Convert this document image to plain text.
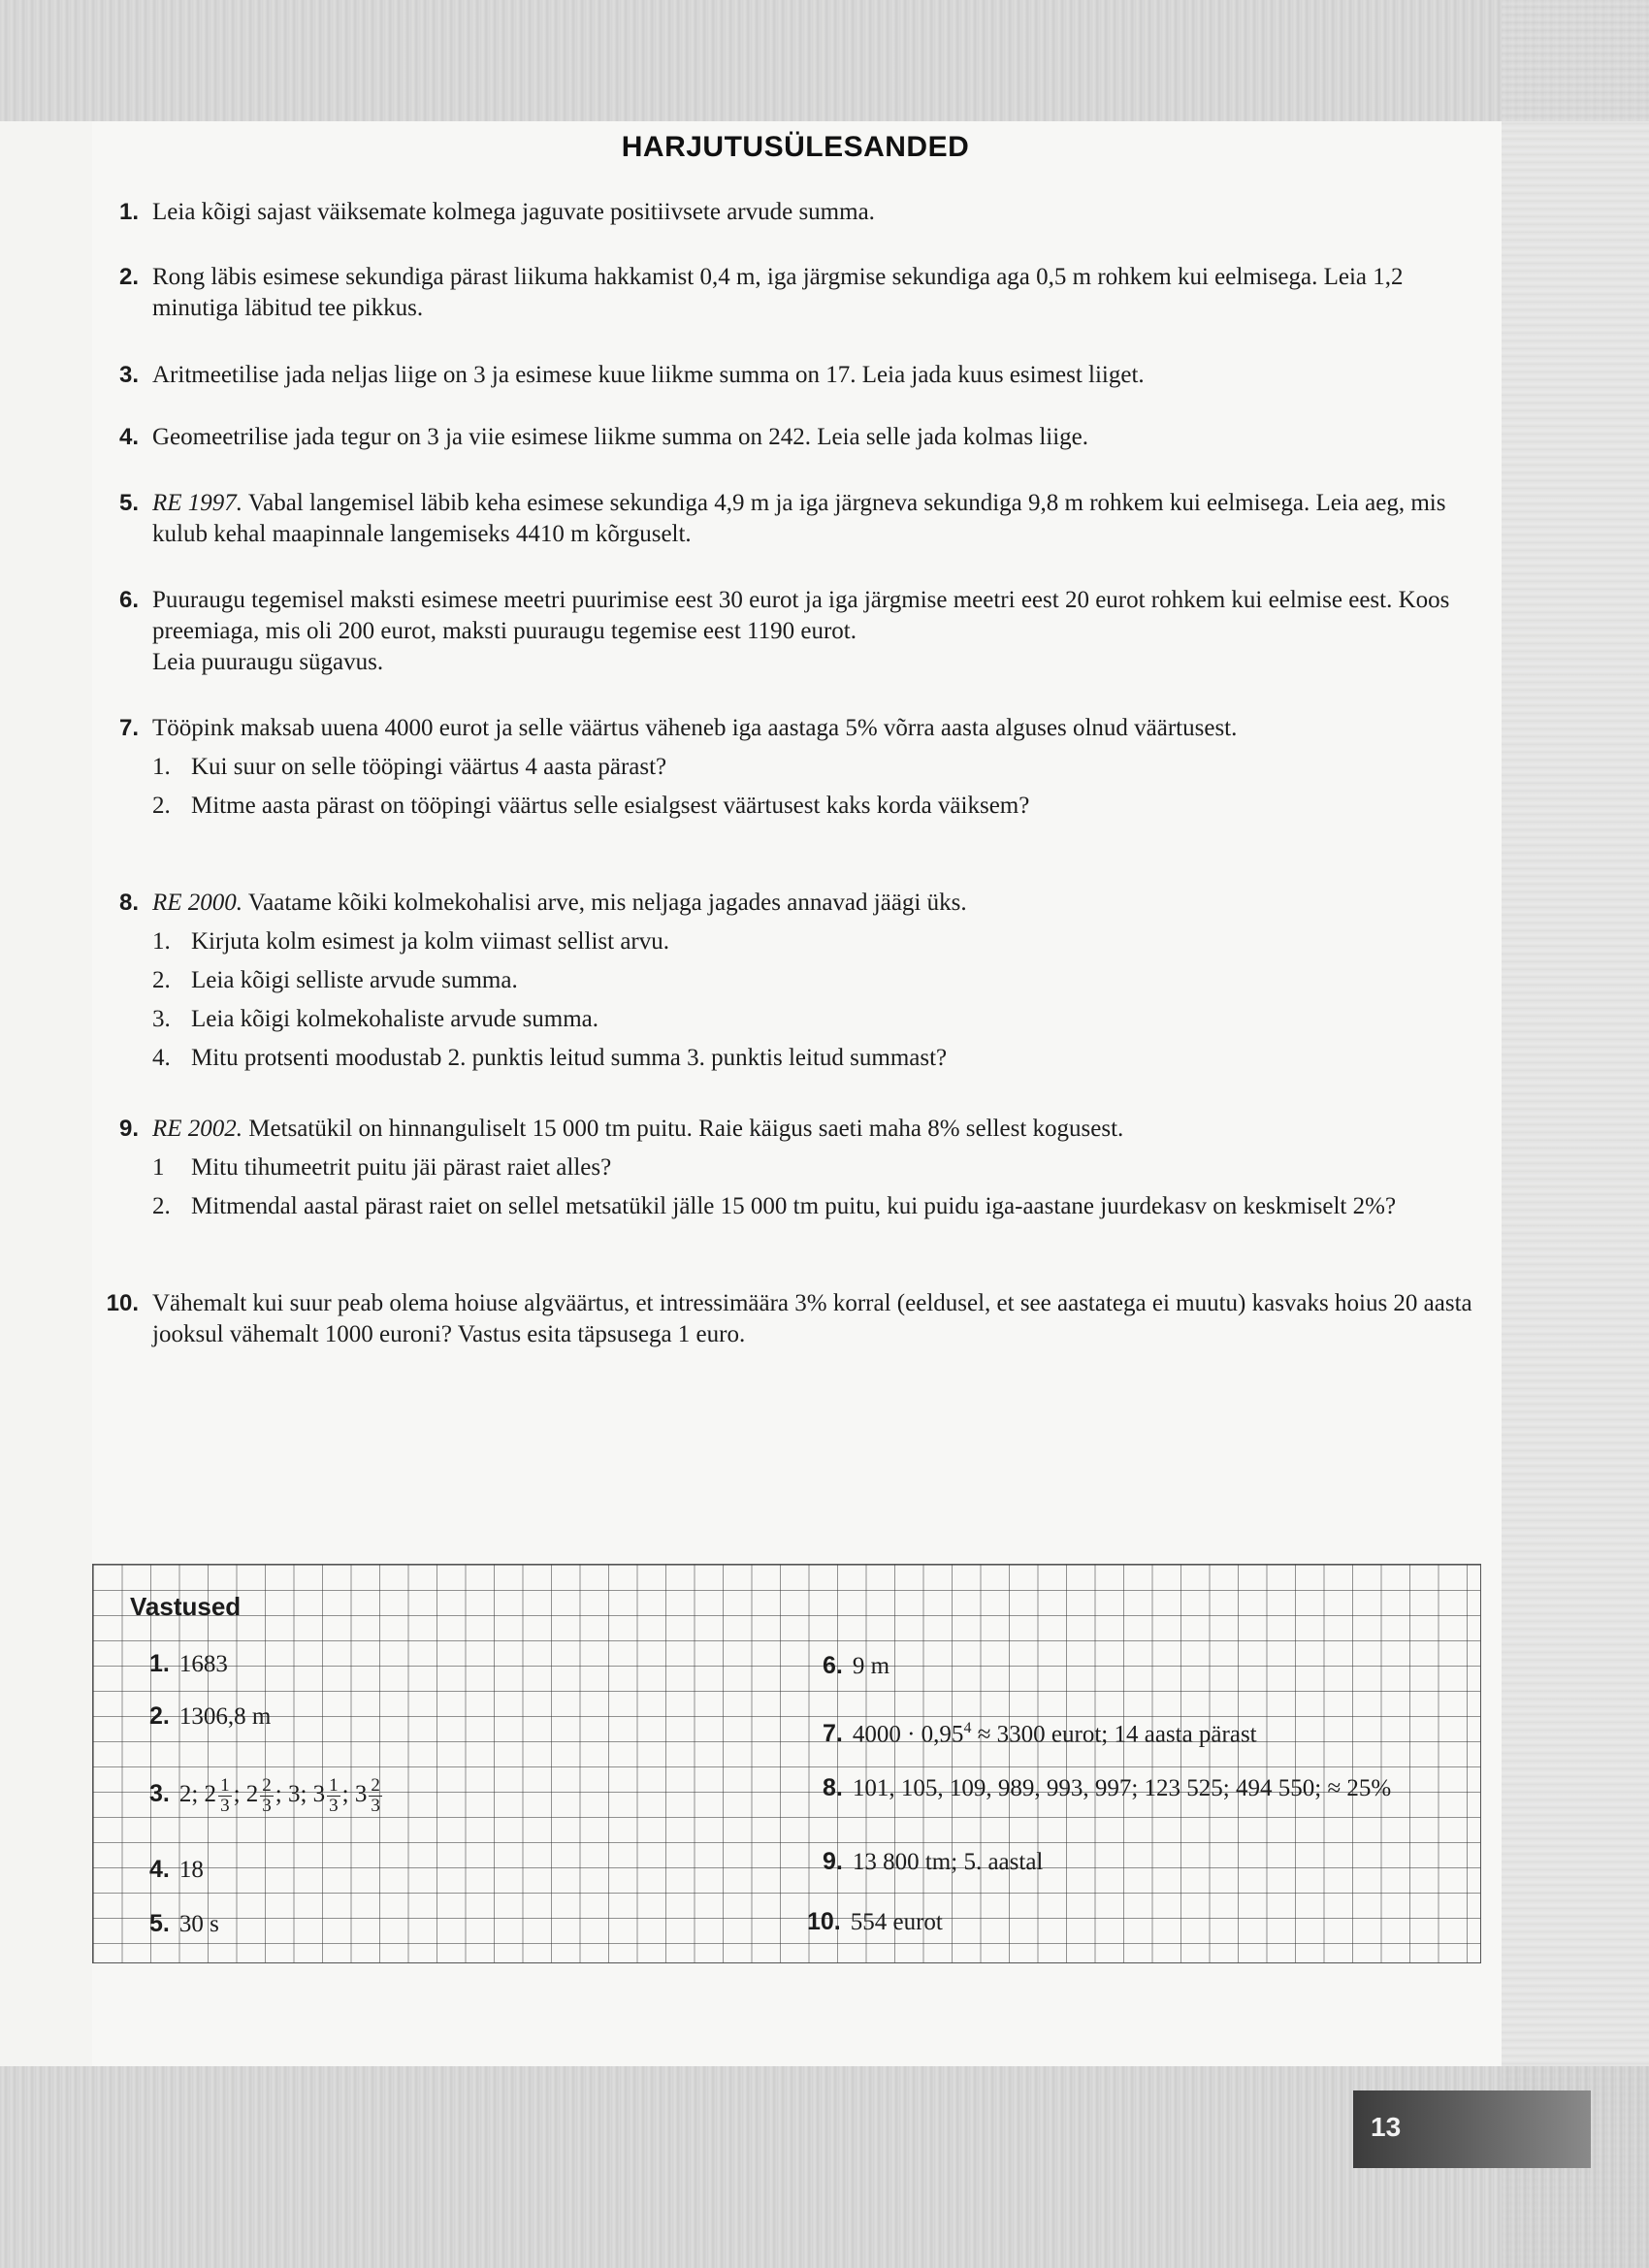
HARJUTUSÜLESANDED
1. Leia kõigi sajast väiksemate kolmega jaguvate positiivsete arvude summa.
2. Rong läbis esimese sekundiga pärast liikuma hakkamist 0,4 m, iga järgmise sekundiga aga 0,5 m rohkem kui eelmisega. Leia 1,2 minutiga läbitud tee pikkus.
3. Aritmeetilise jada neljas liige on 3 ja esimese kuue liikme summa on 17. Leia jada kuus esimest liiget.
4. Geomeetrilise jada tegur on 3 ja viie esimese liikme summa on 242. Leia selle jada kolmas liige.
5. RE 1997. Vabal langemisel läbib keha esimese sekundiga 4,9 m ja iga järgneva sekundiga 9,8 m rohkem kui eelmisega. Leia aeg, mis kulub kehal maapinnale langemiseks 4410 m kõrguselt.
6. Puuraugu tegemisel maksti esimese meetri puurimise eest 30 eurot ja iga järgmise meetri eest 20 eurot rohkem kui eelmise eest. Koos preemiaga, mis oli 200 eurot, maksti puuraugu tegemise eest 1190 eurot.
Leia puuraugu sügavus.
7. Tööpink maksab uuena 4000 eurot ja selle väärtus väheneb iga aastaga 5% võrra aasta alguses olnud väärtusest.
1. Kui suur on selle tööpingi väärtus 4 aasta pärast?
2. Mitme aasta pärast on tööpingi väärtus selle esialgsest väärtusest kaks korda väiksem?
8. RE 2000. Vaatame kõiki kolmekohalisi arve, mis neljaga jagades annavad jäägi üks.
1. Kirjuta kolm esimest ja kolm viimast sellist arvu.
2. Leia kõigi selliste arvude summa.
3. Leia kõigi kolmekohaliste arvude summa.
4. Mitu protsenti moodustab 2. punktis leitud summa 3. punktis leitud summast?
9. RE 2002. Metsatükil on hinnanguliselt 15 000 tm puitu. Raie käigus saeti maha 8% sellest kogusest.
1	Mitu tihumeetrit puitu jäi pärast raiet alles?
2. Mitmendal aastal pärast raiet on sellel metsatükil jälle 15 000 tm puitu, kui puidu iga-aastane juurdekasv on keskmiselt 2%?
10. Vähemalt kui suur peab olema hoiuse algväärtus, et intressimäära 3% korral (eeldusel, et see aastatega ei muutu) kasvaks hoius 20 aasta jooksul vähemalt 1000 euroni? Vastus esita täpsusega 1 euro.
Vastused
1. 1683
2. 1306,8 m
3. 2; $2 \frac{1}{3}$ ; $2 \frac{2}{3}$ ; 3; $3 \frac{1}{3}$ ; $3 \frac{2}{3}$
4. 18
5. 30 s
6. 9 m
7. $4000 \cdot 0,95^4 \approx 3300$ eurot; 14 aasta pärast
8. 101, 105, 109, 989, 993, 997; 123 525; 494 550; ≈ 25%
9. 13 800 tm; 5. aastal
10. 554 eurot
13
